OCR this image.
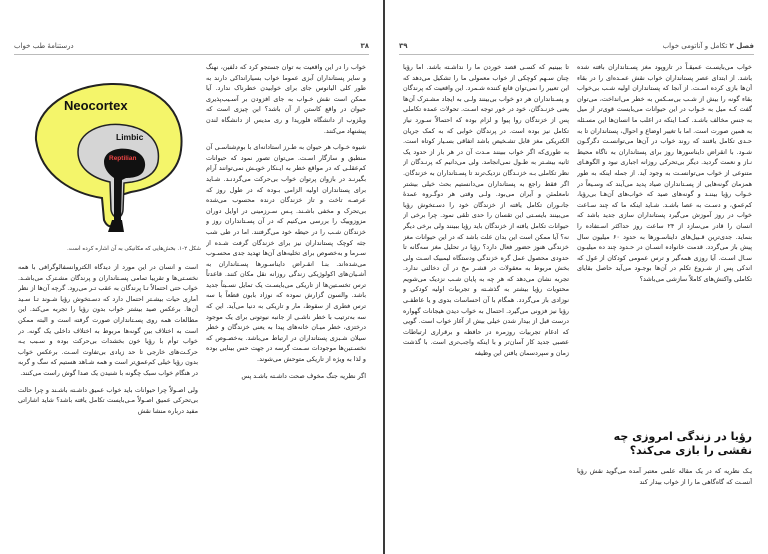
۳۸
درستنامهٔ طب خواب

خواب را در این واقعیت به توان جستجو کرد که دلفین، نهنگ و سایر پستانداران آبزی عموما خواب بسیارانداکی دارند به طور کلی الیانوس جای برای خوابیدن خطرناک ندارد. آیا ممکن است نقش خـواب به جای افزودن بر آسـیب‌پذیری حیوان در واقع کاستن از آن باشد؟ این چیزی است که ویلزوب از دانشگاه فلوریدا و ری مدیس از دانشگاه لندن پیشنهاد می‌کنند.

شیوه خـواب هر حیوان به طـرز استادانه‌ای با بوم‌شناسـی آن منطبق و سازگار اسـت. می‌توان تصور نمود که حیوانات کم‌عقلـی که در مواقع خطر به ایـنکار خویـش نمی‌توانند آرام بگیرنـد در بازوان پرتوان خواب بی‌حرکت می‌گردنـد. شـاید برای پستانداران اولیه الزامی بـوده که در طول روز که عرصـه تاخت و تاز خزندگان درنده محسوب می‌شده بی‌تحرک و مخفی باشـند. پـس سـرزمینی در اوایل دوران مزوزوییک را بررسی می‌کنیم که در آن پسـتانداران روز و خزندگان شـب را در حیطه خود می‌گرفتند. اما در طی شب جثه کوچک پستانداران نیز برای خزندگان گرفت شـده از سـرما و به‌خصوص برای تخلیه‌های آن‌ها تهدید جدی محسـوب می‌شده‌اند. بنـا انقـراض دایناسـورها پسـتانداران به آشـیان‌های اکولوژیکی زندگی روزانه نقل مکان کنند. قاعدتاً ترس تخسـتین‌ها از تاریکی می‌بایسـت یک تمایل نسـبتاً جدید باشد. والسون گزارش نموده که نوزاد بابون قطعاً با سه ترس فطری از سقوط، مار و تاریکی به دنیا می‌آید. این که سه به‌ترتیب با خطر ناشـی از جانبه نیوتونی برای یک موجود درختزی، خطر میـان خانه‌های پیدا به یعنی خزندگان و خطر سیلان شـبزی پستانداران در ارتباط می‌باشد. به‌خصـوص که نخسـتین‌ها موجودات سـمت گرسه در جهت حس بینایی بوده و لذا به ویژه از تاریکی متوحش می‌شوند.

اگر نظریه جنگ مخوف صحت داشـته باشـد پس

Neocortex
Limbic
Reptilian
شکل ۲-۱. بخش‌هایی که مکانیکی به آن اشاره کرده است.

است و انسان در این مورد از دیدگاه الکتروانسفالوگرافی با همه نخسـتی‌ها و تقریبا تمامی پسـتانداران و پرندگان مشـترک می‌باشـد. خواب حتی احتمالاً تـا پرندگان به عقب تـر می‌رود. گرچه آن‌ها از نظر آماری حیات بیشـتر احتمال دارد که دسـتخوش رؤیا شـوند تـا سـید آن‌ها. برعکس صید بیشتر خواب بدون رؤیا را تجربه می‌کند. این مطالعات همه روی پسـتانداران صورت گرفته است و البته ممکن است به اختلاف بین گونه‌ها مربوط به اختلاف داخلی یک گونه. در خواب توأم با رؤیا خون بخشدات بی‌حرکت بوده و سـبب یـه حرکـت‌های خارجی تا حد زیادی بی‌تفاوت اسـت. برعکس خواب بدون رؤیا خیلی کم‌عمق‌تر است و همه شـاهد هستیم که سگ و گربه در هنگام خواب سبک چگونه با شنیدن یک صدا گوش راست می‌کنند.

ولی اصـولاً چرا حیوانات باید خواب عمیق داشـته باشـند و چرا حالت بی‌تحرکی عمیق اصـولاً مـی‌بایست تکامل یافته باشد؟ شاید اشاراتی مفید درباره منشا نقش

۳۹	فصل ۲ تکامل و آناتومی خواب

خواب می‌بایسـت عمیقـاً در تاروپود مغز پسـتانداران بافته شده باشد. از ابتدای عصر پستانداران خواب نقش عمـده‌ای را در بقاء آن‌ها بازی کرده اسـت. از آنجا که پستانداران اولیه شـب بی‌خواب بقاء گونه را بیش از شـب بی‌سـکس به خطر می‌انداخت، می‌توان گفت کـه میل به خـواب در این حیوانات می‌بایست قوی‌تر از میل به جنس مخالف باشـد. کمـا اینکه در اغلب ما انسان‌ها این مسـئله به همین صورت است. اما با تغییر اوضاع و احوال، پستانداران تا به حـدی تکامل یافتند که روند خواب در آن‌ها می‌توانسـت دگرگـون شـود. با انقراض دایناسورها روز برای پستانداران به ناگاه محیط نـاز و نعمت گردید. دیگر بی‌تحرکی روزانه اجباری نبود و الگوهـای متنوعی از خواب می‌توانسـت به وجود آید. از جمله اینکه به طور همزمان گونه‌هایی از پسـتانداران صیاد پدید می‌آیند که وسـیعاً در خـواب رؤیا بیننـد و گونه‌های صید که خواب‌های آن‌هـا بی‌رؤیا، کم‌عمق، و دسـت‌ به عصا باشـد. شـاید اینکه ما که چند سـاعت خواب در روز آموزش می‌گیرد پستانداران سازی جدید باشد که انسان را قادر می‌سازد از ۲۴ ساعت روز حداکثر اسـتفاده را بنماید. جدی‌ترین قـبیل‌های دایناسـورها به حدود ۶۰ میلیون سال پیش باز می‌گردد. قدمت خانواده انسـان در حـدود چند ده میلیـون سـال اسـت. آیا روزی همه‌گیر و ترس عمومی کودکان از غول که اندکی پس از شـروع تکلم در آن‌ها بوجـود می‌آید حاصل بقایای تکاملی واکنش‌های کاملاً سازشی می‌باشد؟

رؤیا در زندگی امروزی چه نقشی را بازی می‌کند؟

یـک نظریه که در یک مقاله علمی معتبر آمده می‌گوید نقش رؤیا آنسـت که گاه‌گاهی ما را از خواب بیدار کند

تا ببینیم که کسـی قصد خوردن ما را نداشـته باشد. اما رؤیا چنان سـهم کوچکی از خواب معمولی ما را تشکیل می‌دهد که این تعبیر را نمی‌توان قانع کننده شـمرد. این واقعیت که پرندگان و پسـتانداران هر دو خواب بی‌بینند ولـی به ایجاد مشـترک آن‌ها یعنی خزنـدگان، خود در خور توجه اسـت. تحولات عمده تکاملی پس از خزندگان روا پیوا و لزام بوده که احتمالاً سـورد نیاز تکامل نیز بوده است. در پرندگان خوابی که به کمک جریان الکتریکی مغز قابل تشـخیص باشد اتفاقی بسـیار کوتاه است. به طوری‌که اگر خواب ببینند مـدت آن در هر بار از حدود یک ثانیه بیشـتر به طـول نمی‌انجامد. ولی می‌دانیم که پرنـدگان از نظر تکاملی بـه خزنـدگان نزدیک‌ترند تا پسـتانداران به خزندگان. اگر فقط راجع به پستانداران می‌دانستیم بحث خیلی بیشتر نامعلمئن و آیران می‌بود. ولـی وقتی هر دوگـروه عمدهٔ جانـوران تکامل یافته از خزندگان خود را دسـتخوش رؤیا می‌بینند بایسـتی این تقسان را حدی تلقی نمود. چرا برخی از حیوانات تکامل یافته از خزندگان باید رؤیا ببینند ولی برخی دیگر نه؟ آیا ممکن است این بدان علت باشد که در این حیوانات مغز خزندگی هنوز حضور فعال دارد؟ رؤیا در تحلیل مغز سه‌گانه تا حدودی محصول عمل گره خزندگی ودستگاه لیمبیک اسـت ولی بخش مربوط به معقولات در قشـر مخ در آن دخالتی ندارد. تجربه نشان می‌دهد که هر چه به پایان شـب نزدیک می‌شویم محتویات رؤیا بیشتر به گذشـته و تجربیات اولیه کودکی و نوزادی باز می‌گردد. همگام با آن احساسات بدوی و یا عاطفـی رؤیا نیز فزونی می‌گیرد. احتمال به خواب دیدن هیجانات گهواره درست قبل از بیدار شدن خیلی بیش از آغاز خواب است. گویی که ادغام تجربیات روزمره در حافظه و برقراری ارتباطات عصبی جدید کار آسان‌تر و با اینکه واجب‌تری است. با گذشت زمان و سپردسمان یافتن این وظیفه
